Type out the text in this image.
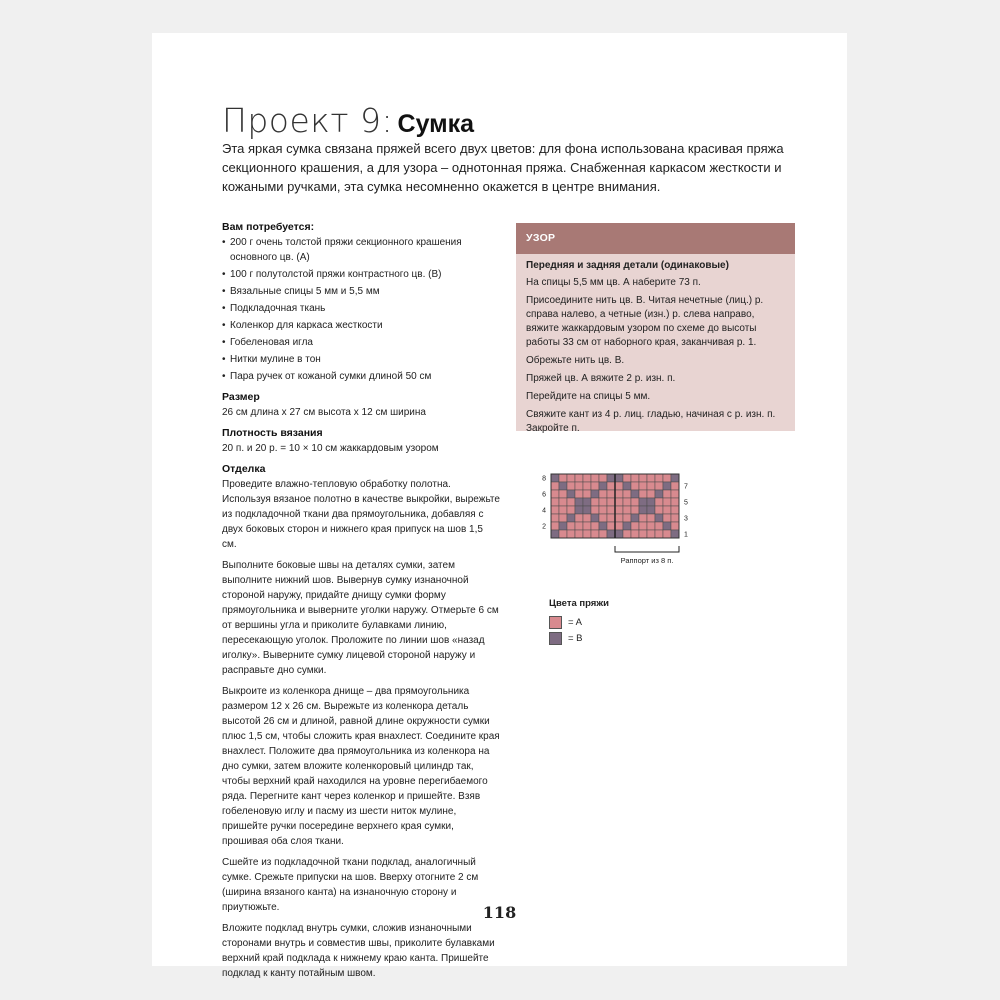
Проект 9: Сумка

Эта яркая сумка связана пряжей всего двух цветов: для фона использована красивая пряжа секционного крашения, а для узора – однотонная пряжа. Снабженная каркасом жесткости и кожаными ручками, эта сумка несомненно окажется в центре внимания.

Вам потребуется:
• 200 г очень толстой пряжи секционного крашения основного цв. (A)
• 100 г полутолстой пряжи контрастного цв. (B)
• Вязальные спицы 5 мм и 5,5 мм
• Подкладочная ткань
• Коленкор для каркаса жесткости
• Гобеленовая игла
• Нитки мулине в тон
• Пара ручек от кожаной сумки длиной 50 см
Размер

26 см длина х 27 см высота х 12 см ширина

Плотность вязания

20 п. и 20 р. = 10 × 10 см жаккардовым узором

Отделка

Проведите влажно-тепловую обработку полотна. Используя вязаное полотно в качестве выкройки, вырежьте из подкладочной ткани два прямоугольника, добавляя с двух боковых сторон и нижнего края припуск на шов 1,5 см.

Выполните боковые швы на деталях сумки, затем выполните нижний шов. Вывернув сумку изнаночной стороной наружу, придайте днищу сумки форму прямоугольника и выверните уголки наружу. Отмерьте 6 см от вершины угла и приколите булавками линию, пересекающую уголок. Проложите по линии шов «назад иголку». Выверните сумку лицевой стороной наружу и расправьте дно сумки.

Выкроите из коленкора днище – два прямоугольника размером 12 х 26 см. Вырежьте из коленкора деталь высотой 26 см и длиной, равной длине окружности сумки плюс 1,5 см, чтобы сложить края внахлест. Соедините края внахлест. Положите два прямоугольника из коленкора на дно сумки, затем вложите коленкоровый цилиндр так, чтобы верхний край находился на уровне перегибаемого ряда. Перегните кант через коленкор и пришейте. Взяв гобеленовую иглу и пасму из шести ниток мулине, пришейте ручки посередине верхнего края сумки, прошивая оба слоя ткани.

Сшейте из подкладочной ткани подклад, аналогичный сумке. Срежьте припуски на шов. Вверху отогните 2 см (ширина вязаного канта) на изнаночную сторону и приутюжьте.

Вложите подклад внутрь сумки, сложив изнаночными сторонами внутрь и совместив швы, приколите булавками верхний край подклада к нижнему краю канта. Пришейте подклад к канту потайным швом.

УЗОР
Передняя и задняя детали (одинаковые)

На спицы 5,5 мм цв. А наберите 73 п.

Присоедините нить цв. B. Читая нечетные (лиц.) р. справа налево, а четные (изн.) р. слева направо, вяжите жаккардовым узором по схеме до высоты работы 33 см от наборного края, заканчивая р. 1.

Обрежьте нить цв. В.

Пряжей цв. А вяжите 2 р. изн. п.

Перейдите на спицы 5 мм.

Свяжите кант из 4 р. лиц. гладью, начиная с р. изн. п. Закройте п.

8
6
4
2
7
5
3
1
Раппорт из 8 п.
Цвета пряжи
= A
= B
118
